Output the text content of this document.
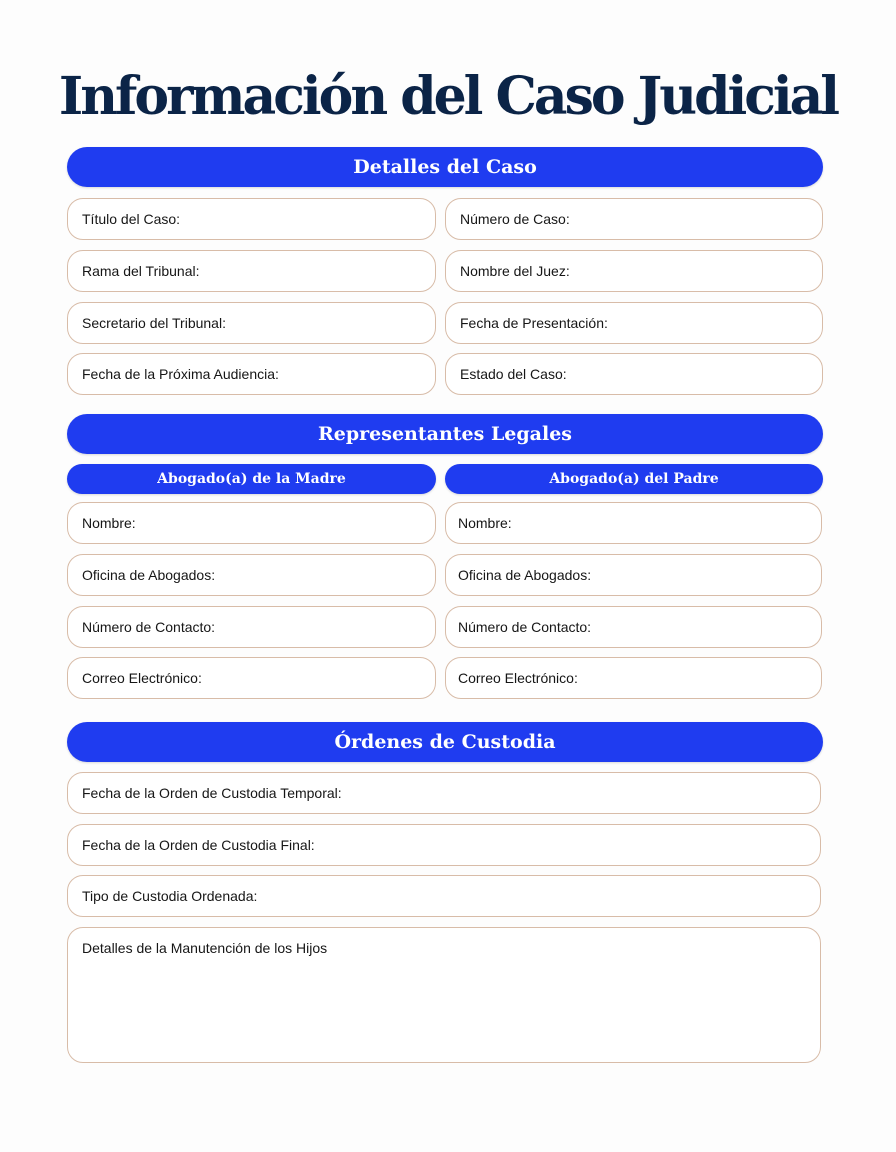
Información del Caso Judicial
Detalles del Caso
Título del Caso:	Número de Caso:
Rama del Tribunal:	Nombre del Juez:
Secretario del Tribunal:	Fecha de Presentación:
Fecha de la Próxima Audiencia:	Estado del Caso:
Representantes Legales
Abogado(a) de la Madre	Abogado(a) del Padre
Nombre:	Nombre:
Oficina de Abogados:	Oficina de Abogados:
Número de Contacto:	Número de Contacto:
Correo Electrónico:	Correo Electrónico:
Órdenes de Custodia
Fecha de la Orden de Custodia Temporal:
Fecha de la Orden de Custodia Final:
Tipo de Custodia Ordenada:
Detalles de la Manutención de los Hijos
